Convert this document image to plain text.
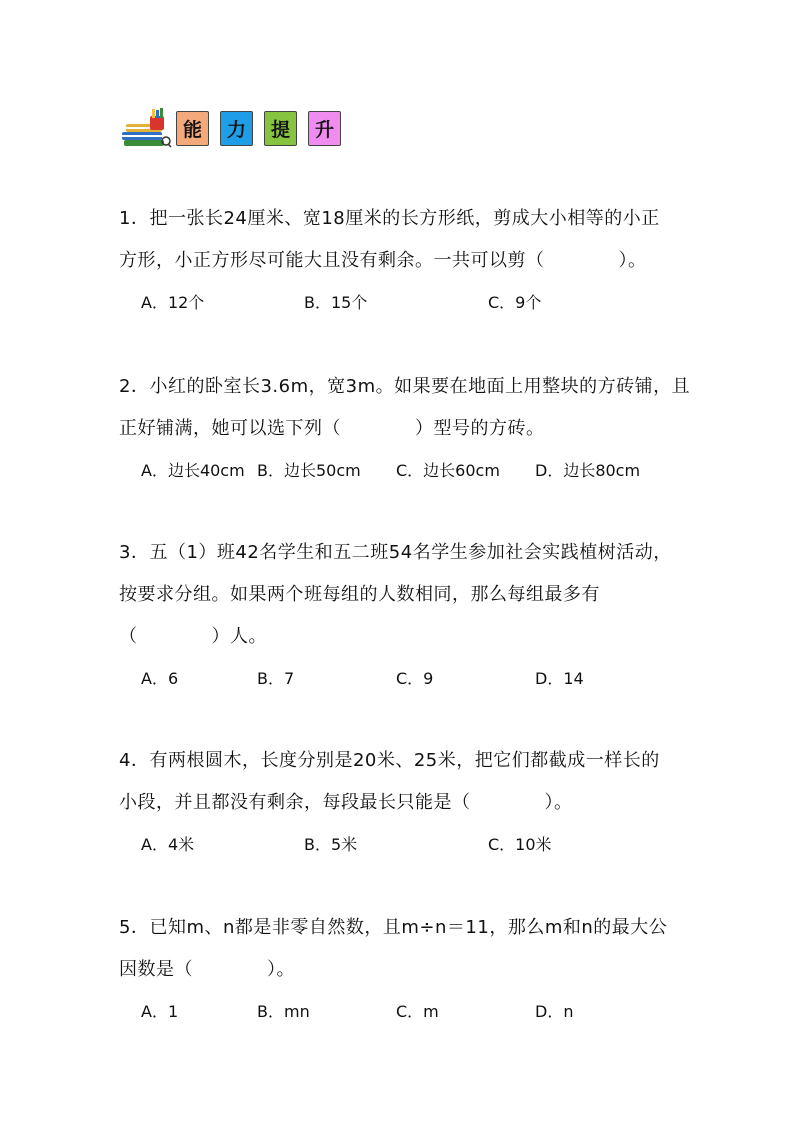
能	力	提	升
1．把一张长24厘米、宽18厘米的长方形纸，剪成大小相等的小正
方形，小正方形尽可能大且没有剩余。一共可以剪（　　　　）。
A．12个	B．15个	C．9个
2．小红的卧室长3.6m，宽3m。如果要在地面上用整块的方砖铺，且
正好铺满，她可以选下列（　　　　）型号的方砖。
A．边长40cm B．边长50cm C．边长60cm D．边长80cm
3．五（1）班42名学生和五二班54名学生参加社会实践植树活动，
按要求分组。如果两个班每组的人数相同，那么每组最多有
（　　　　）人。
A．6	B．7	C．9	D．14
4．有两根圆木，长度分别是20米、25米，把它们都截成一样长的
小段，并且都没有剩余，每段最长只能是（　　　　）。
A．4米	B．5米	C．10米
5．已知m、n都是非零自然数，且m÷n＝11，那么m和n的最大公
因数是（　　　　）。
A．1	B．mn	C．m	D．n
